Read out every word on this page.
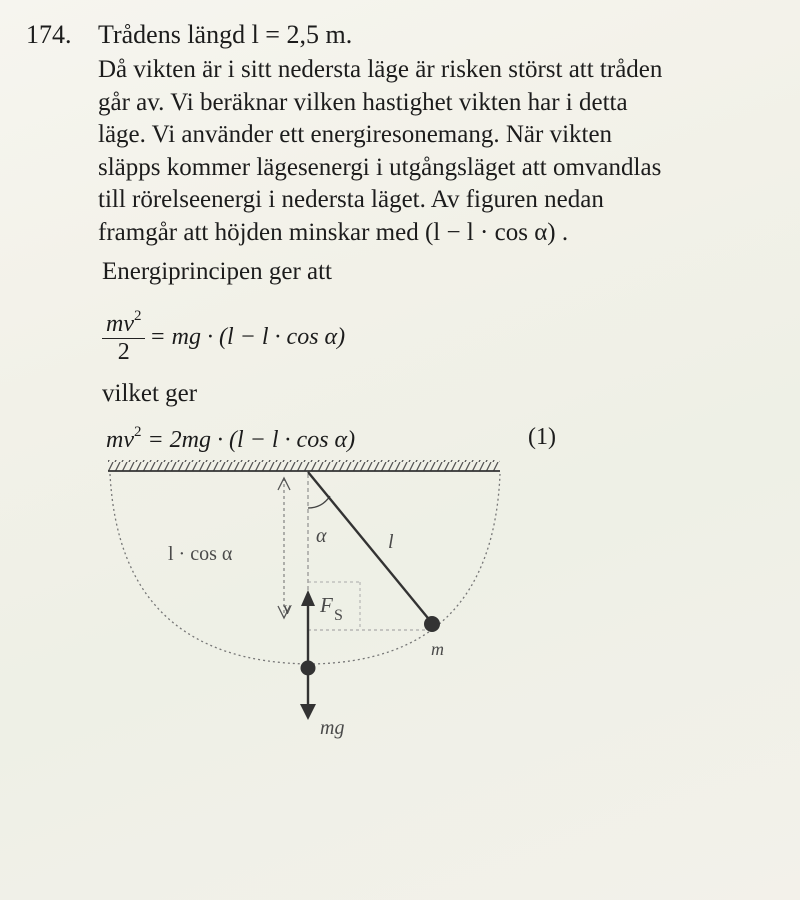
174. Trådens längd l = 2,5 m.
Då vikten är i sitt nedersta läge är risken störst att tråden
går av. Vi beräknar vilken hastighet vikten har i detta
läge. Vi använder ett energiresonemang. När vikten
släpps kommer lägesenergi i utgångsläget att omvandlas
till rörelseenergi i nedersta läget. Av figuren nedan
framgår att höjden minskar med (l − l · cos α) .
Energiprincipen ger att
$\frac{mv^2}{2}$ = mg · (l − l · cos α)
vilket ger
$mv^2 = 2mg \cdot (l - l \cdot \cos \alpha)$	(1)
l · cos α
α	l
v F S
m
mg
